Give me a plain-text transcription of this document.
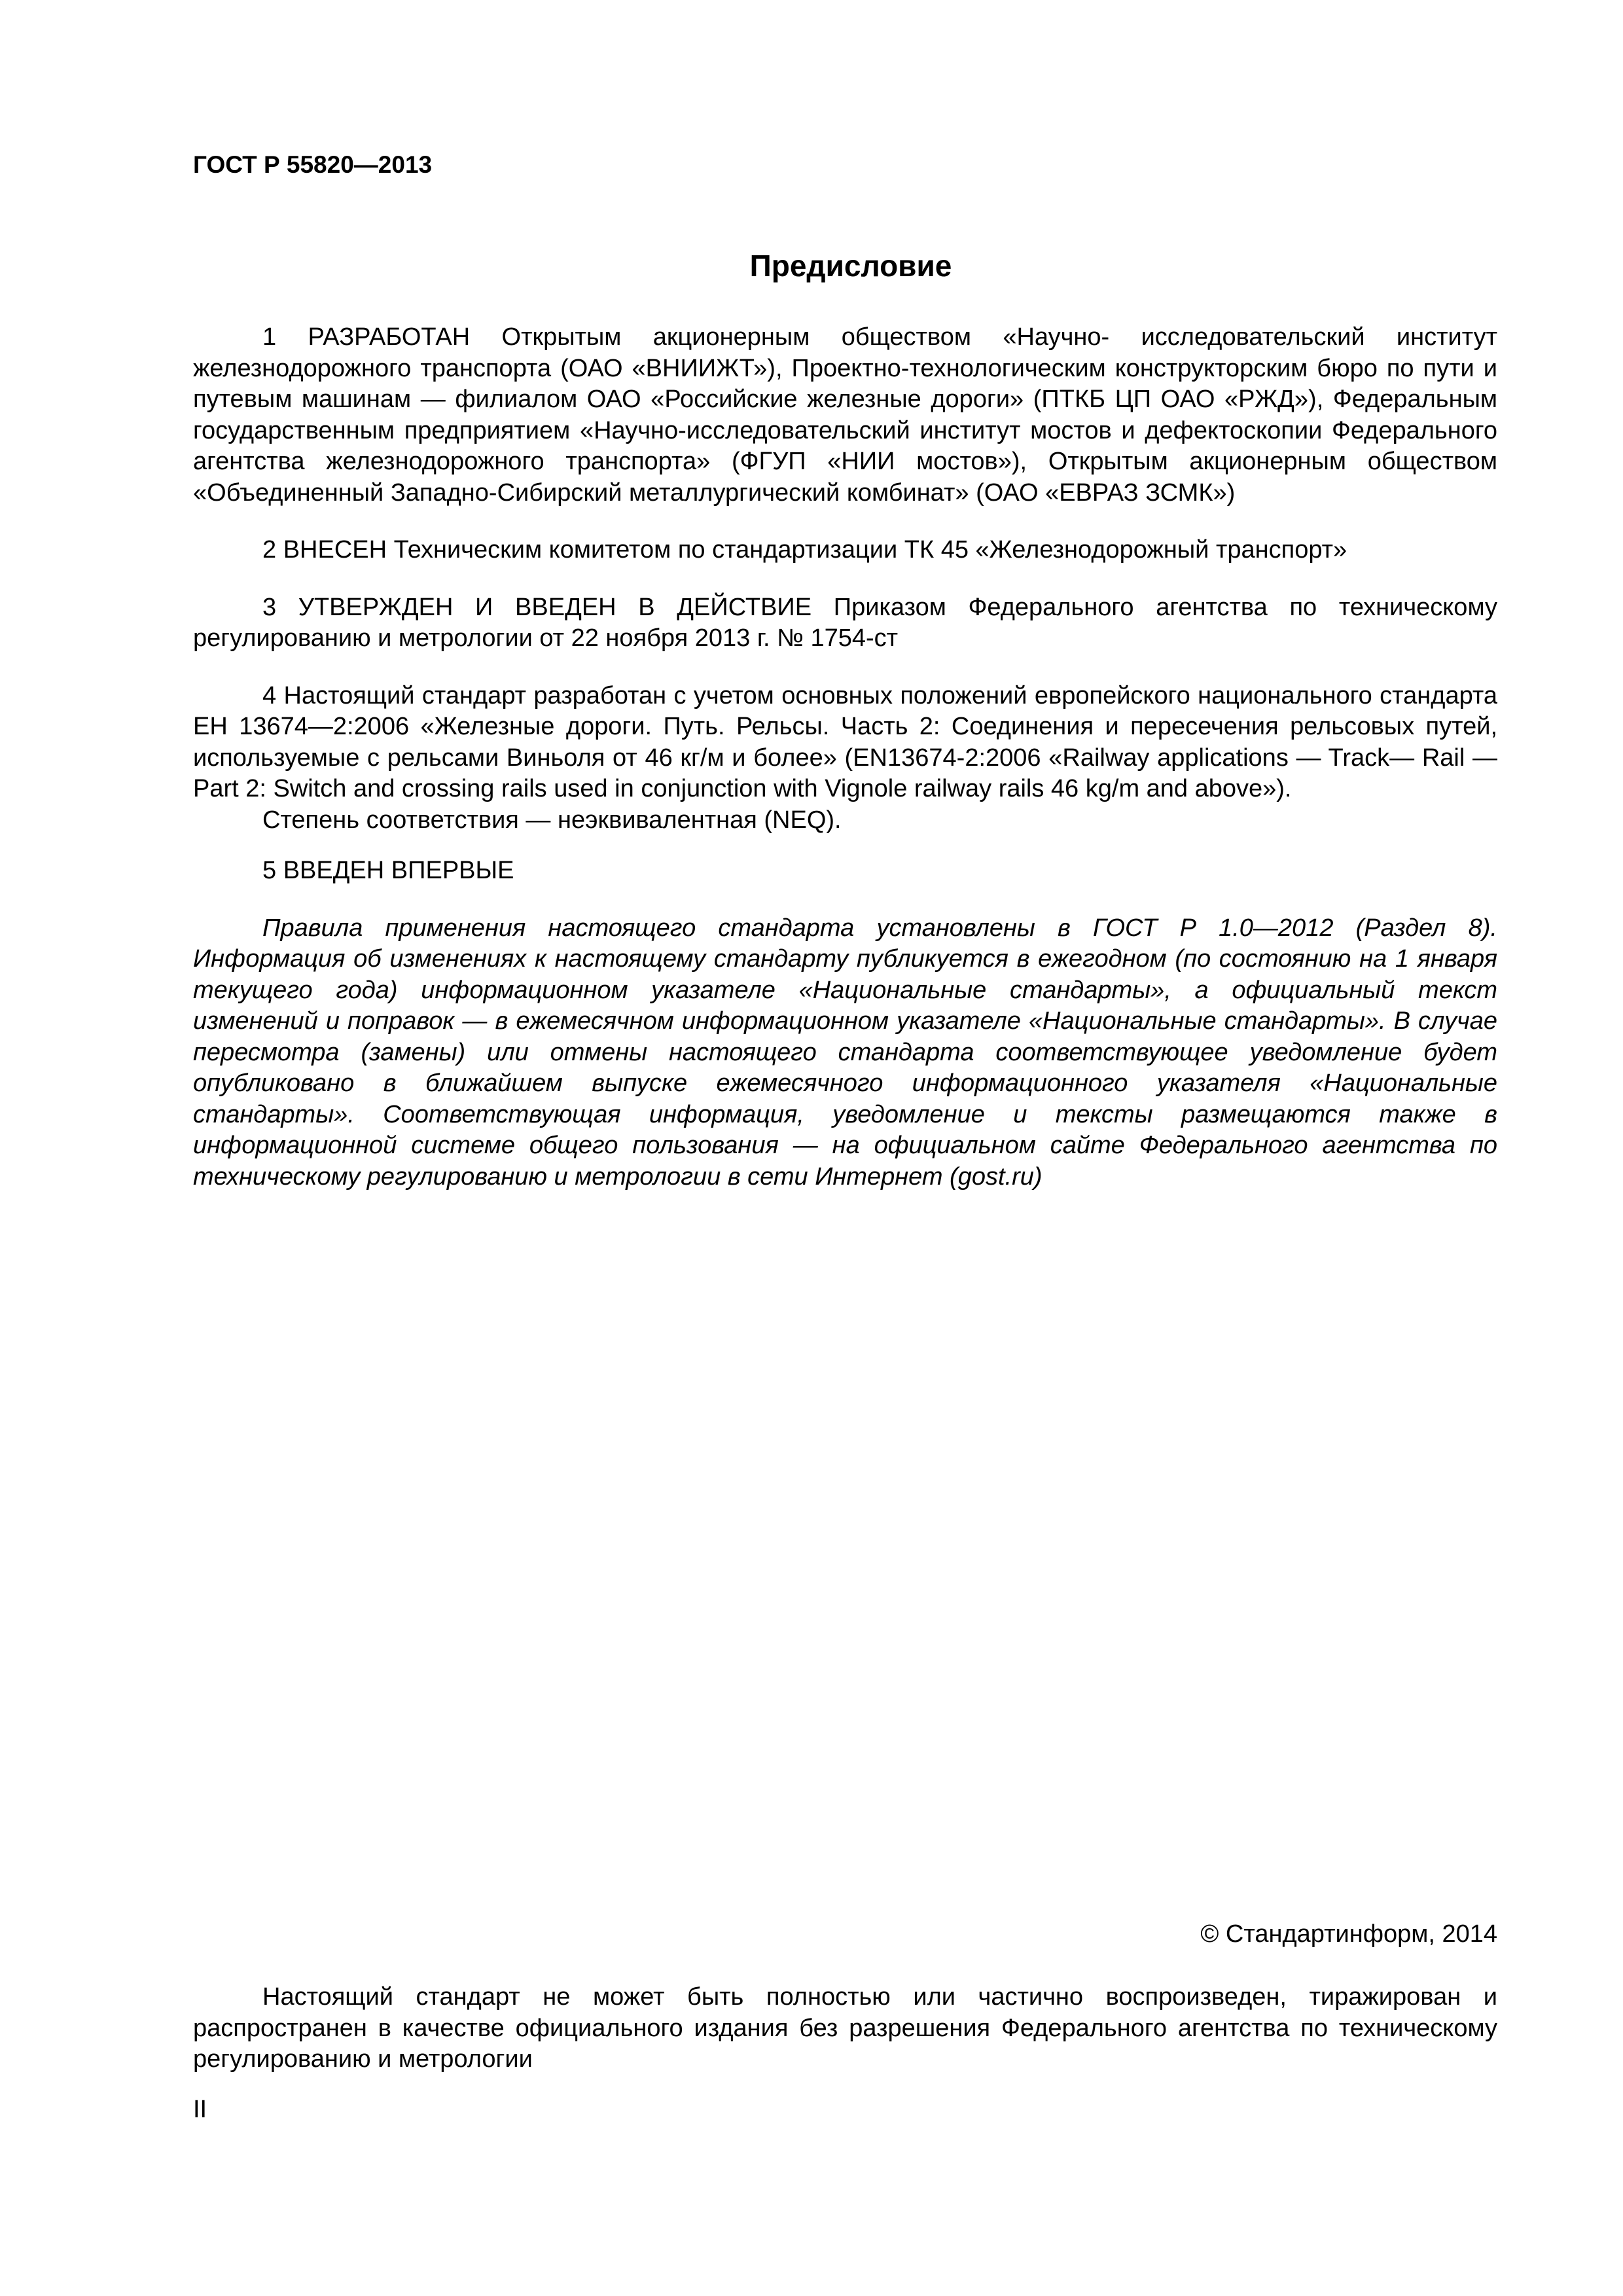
ГОСТ Р 55820—2013
Предисловие

1 РАЗРАБОТАН Открытым акционерным обществом «Научно- исследовательский институт железнодорожного транспорта (ОАО «ВНИИЖТ»), Проектно-технологическим конструкторским бюро по пути и путевым машинам — филиалом ОАО «Российские железные дороги» (ПТКБ ЦП ОАО «РЖД»), Федеральным государственным предприятием «Научно-исследовательский институт мостов и дефектоскопии Федерального агентства железнодорожного транспорта» (ФГУП «НИИ мостов»), Открытым акционерным обществом «Объединенный Западно-Сибирский металлургический комбинат» (ОАО «ЕВРАЗ ЗСМК»)

2 ВНЕСЕН Техническим комитетом по стандартизации ТК 45 «Железнодорожный транспорт»

3 УТВЕРЖДЕН И ВВЕДЕН В ДЕЙСТВИЕ Приказом Федерального агентства по техническому регулированию и метрологии от 22 ноября 2013 г. № 1754-ст

4 Настоящий стандарт разработан с учетом основных положений европейского национального стандарта ЕН 13674—2:2006 «Железные дороги. Путь. Рельсы. Часть 2: Соединения и пересечения рельсовых путей, используемые с рельсами Виньоля от 46 кг/м и более» (EN13674-2:2006 «Railway applications — Track— Rail — Part 2: Switch and crossing rails used in conjunction with Vignole railway rails 46 kg/m and above»).

Степень соответствия — неэквивалентная (NEQ).

5 ВВЕДЕН ВПЕРВЫЕ

Правила применения настоящего стандарта установлены в ГОСТ Р 1.0—2012 (Раздел 8). Информация об изменениях к настоящему стандарту публикуется в ежегодном (по состоянию на 1 января текущего года) информационном указателе «Национальные стандарты», а официальный текст изменений и поправок — в ежемесячном информационном указателе «Национальные стандарты». В случае пересмотра (замены) или отмены настоящего стандарта соответствующее уведомление будет опубликовано в ближайшем выпуске ежемесячного информационного указателя «Национальные стандарты». Соответствующая информация, уведомление и тексты размещаются также в информационной системе общего пользования — на официальном сайте Федерального агентства по техническому регулированию и метрологии в сети Интернет (gost.ru)

© Стандартинформ, 2014

Настоящий стандарт не может быть полностью или частично воспроизведен, тиражирован и распространен в качестве официального издания без разрешения Федерального агентства по техническому регулированию и метрологии

II
